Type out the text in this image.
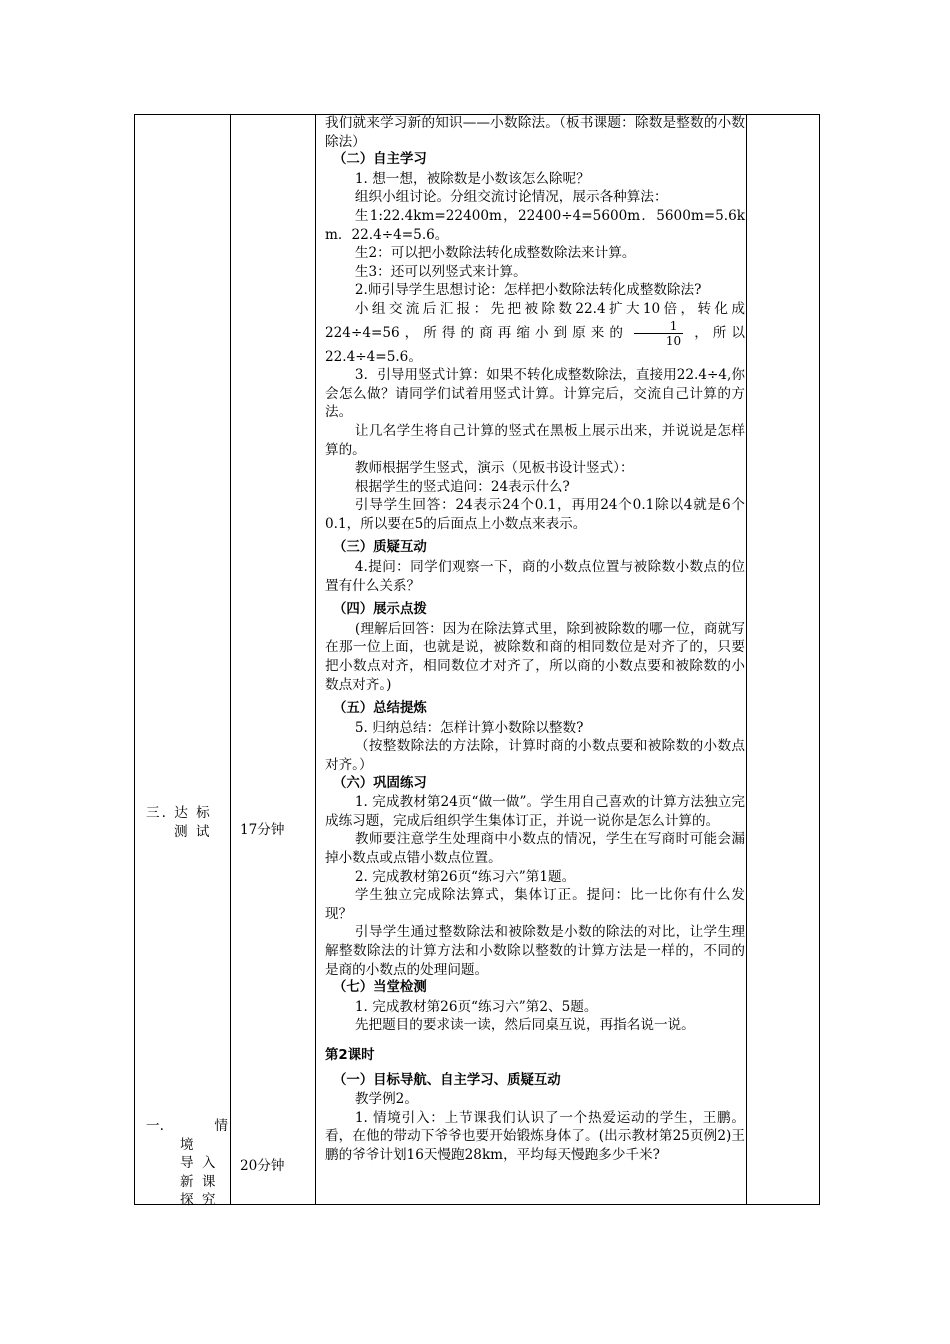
三. 达 标
测 试 17分钟
一.	情
境
导 入
新 课
探 究
20分钟

我们就来学习新的知识——小数除法。（板书课题：除数是整数的小数除法）

（二）自主学习

1. 想一想，被除数是小数该怎么除呢？

组织小组讨论。分组交流讨论情况，展示各种算法：

生1:22.4km=22400m，22400÷4=5600m．5600m=5.6km．22.4÷4=5.6。

生2：可以把小数除法转化成整数除法来计算。

生3：还可以列竖式来计算。

2.师引导学生思想讨论：怎样把小数除法转化成整数除法?

小组交流后汇报：先把被除数22.4扩大10倍，转化成224÷4=56，所得的商再缩小到原来的 $\frac{1}{10}$ ，所以22.4÷4=5.6。

3．引导用竖式计算：如果不转化成整数除法，直接用22.4÷4,你会怎么做？请同学们试着用竖式计算。计算完后，交流自己计算的方法。

让几名学生将自己计算的竖式在黑板上展示出来，并说说是怎样算的。

教师根据学生竖式，演示（见板书设计竖式）：

根据学生的竖式追问：24表示什么?

引导学生回答：24表示24个0.1，再用24个0.1除以4就是6个0.1，所以要在5的后面点上小数点来表示。

（三）质疑互动

4.提问：同学们观察一下，商的小数点位置与被除数小数点的位置有什么关系？

（四）展示点拨

(理解后回答：因为在除法算式里，除到被除数的哪一位，商就写在那一位上面，也就是说，被除数和商的相同数位是对齐了的，只要把小数点对齐，相同数位才对齐了，所以商的小数点要和被除数的小数点对齐。)

（五）总结提炼

5. 归纳总结：怎样计算小数除以整数?

（按整数除法的方法除，计算时商的小数点要和被除数的小数点对齐。）

（六）巩固练习

1. 完成教材第24页“做一做”。学生用自己喜欢的计算方法独立完成练习题，完成后组织学生集体订正，并说一说你是怎么计算的。

教师要注意学生处理商中小数点的情况，学生在写商时可能会漏掉小数点或点错小数点位置。

2. 完成教材第26页“练习六”第1题。

学生独立完成除法算式，集体订正。提问：比一比你有什么发现？

引导学生通过整数除法和被除数是小数的除法的对比，让学生理解整数除法的计算方法和小数除以整数的计算方法是一样的，不同的是商的小数点的处理问题。

（七）当堂检测

1. 完成教材第26页“练习六”第2、5题。

先把题目的要求读一读，然后同桌互说，再指名说一说。

第2课时

（一）目标导航、自主学习、质疑互动

教学例2。

1. 情境引入：上节课我们认识了一个热爱运动的学生，王鹏。看，在他的带动下爷爷也要开始锻炼身体了。(出示教材第25页例2)王鹏的爷爷计划16天慢跑28km，平均每天慢跑多少千米?
